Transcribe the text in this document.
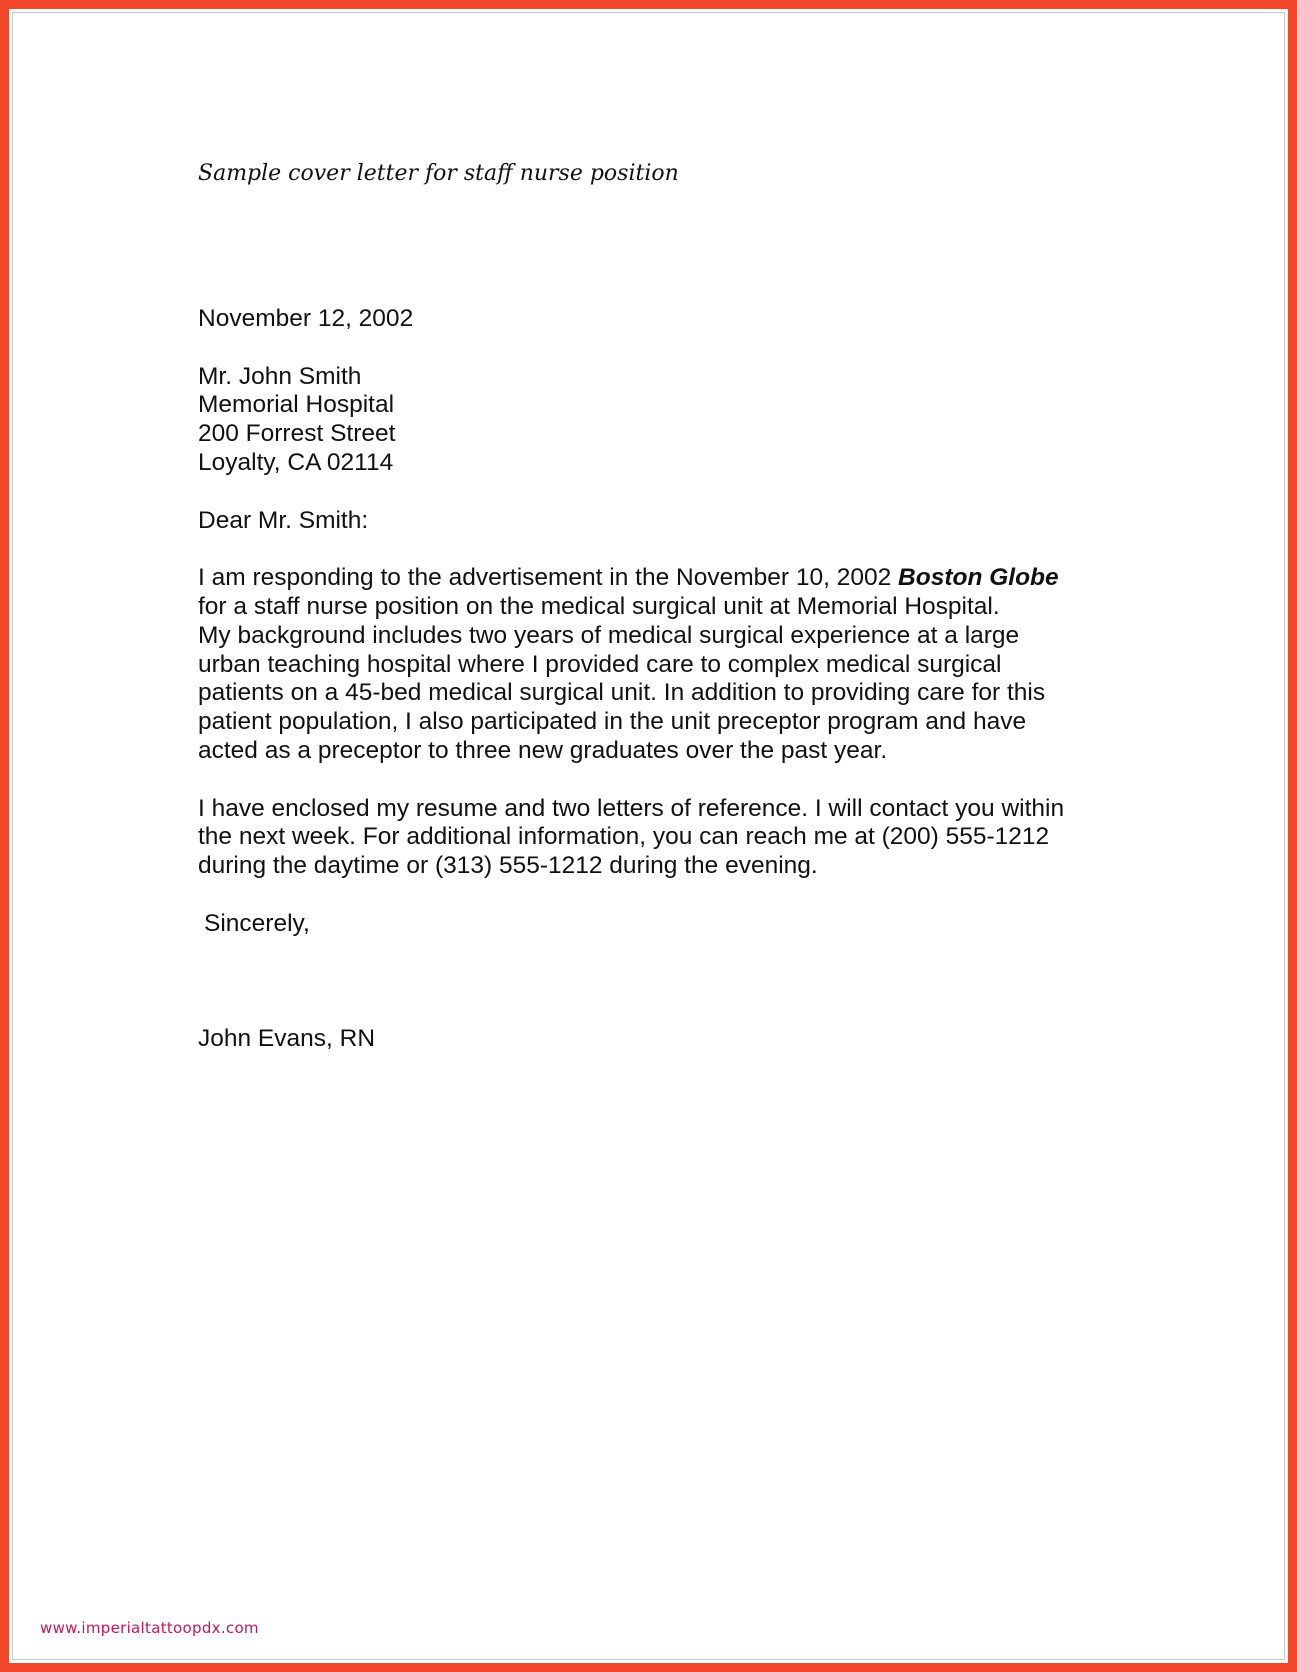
Sample cover letter for staff nurse position
November 12, 2002
Mr. John Smith
Memorial Hospital
200 Forrest Street
Loyalty, CA 02114
Dear Mr. Smith:
I am responding to the advertisement in the November 10, 2002 Boston Globe
for a staff nurse position on the medical surgical unit at Memorial Hospital.
My background includes two years of medical surgical experience at a large
urban teaching hospital where I provided care to complex medical surgical
patients on a 45-bed medical surgical unit. In addition to providing care for this
patient population, I also participated in the unit preceptor program and have
acted as a preceptor to three new graduates over the past year.
I have enclosed my resume and two letters of reference. I will contact you within
the next week. For additional information, you can reach me at (200) 555-1212
during the daytime or (313) 555-1212 during the evening.
Sincerely,
John Evans, RN
www.imperialtattoopdx.com
